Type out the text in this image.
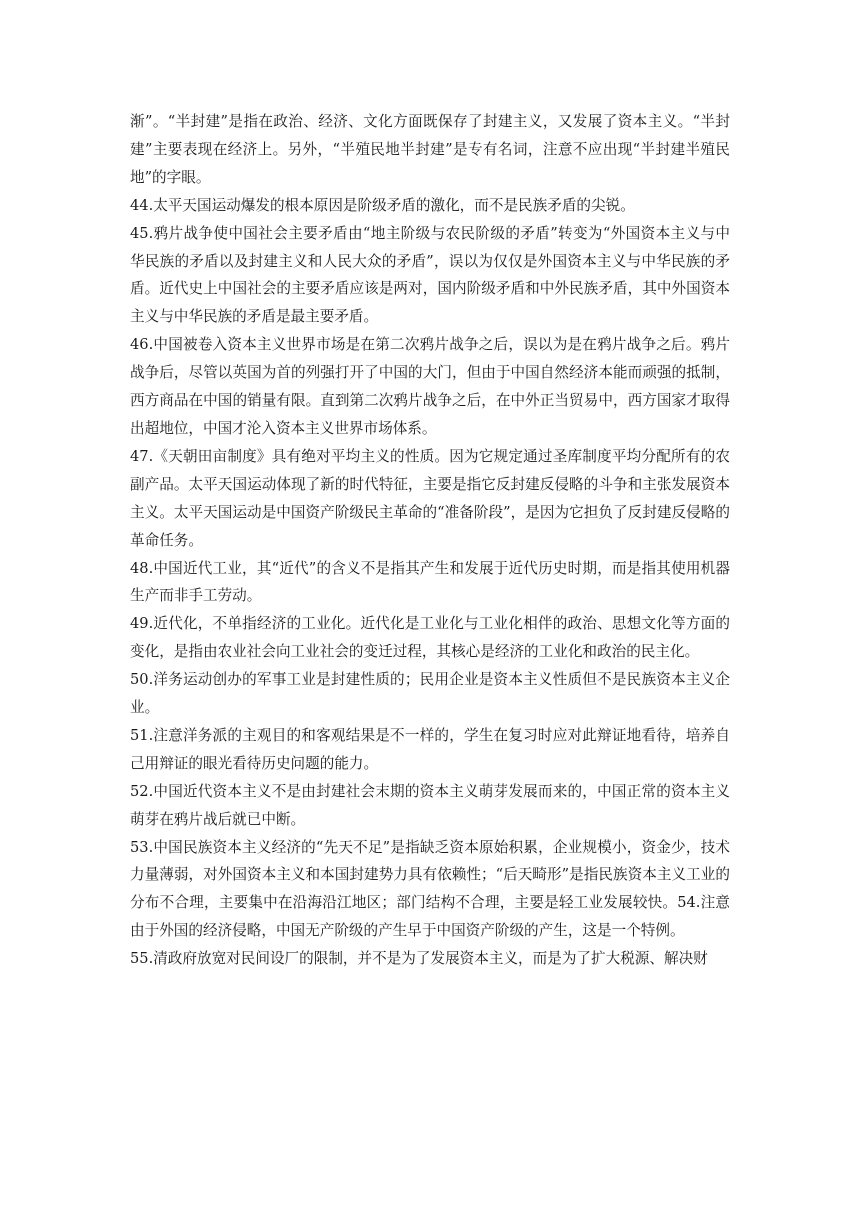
渐”。“半封建”是指在政治、经济、文化方面既保存了封建主义，又发展了资本主义。“半封建”主要表现在经济上。另外，“半殖民地半封建”是专有名词，注意不应出现“半封建半殖民地”的字眼。

44.太平天国运动爆发的根本原因是阶级矛盾的激化，而不是民族矛盾的尖锐。

45.鸦片战争使中国社会主要矛盾由“地主阶级与农民阶级的矛盾”转变为“外国资本主义与中华民族的矛盾以及封建主义和人民大众的矛盾”，误以为仅仅是外国资本主义与中华民族的矛盾。近代史上中国社会的主要矛盾应该是两对，国内阶级矛盾和中外民族矛盾，其中外国资本主义与中华民族的矛盾是最主要矛盾。

46.中国被卷入资本主义世界市场是在第二次鸦片战争之后，误以为是在鸦片战争之后。鸦片战争后，尽管以英国为首的列强打开了中国的大门，但由于中国自然经济本能而顽强的抵制，西方商品在中国的销量有限。直到第二次鸦片战争之后，在中外正当贸易中，西方国家才取得出超地位，中国才沦入资本主义世界市场体系。

47.《天朝田亩制度》具有绝对平均主义的性质。因为它规定通过圣库制度平均分配所有的农副产品。太平天国运动体现了新的时代特征，主要是指它反封建反侵略的斗争和主张发展资本主义。太平天国运动是中国资产阶级民主革命的“准备阶段”，是因为它担负了反封建反侵略的革命任务。

48.中国近代工业，其“近代”的含义不是指其产生和发展于近代历史时期，而是指其使用机器生产而非手工劳动。

49.近代化，不单指经济的工业化。近代化是工业化与工业化相伴的政治、思想文化等方面的变化，是指由农业社会向工业社会的变迁过程，其核心是经济的工业化和政治的民主化。

50.洋务运动创办的军事工业是封建性质的；民用企业是资本主义性质但不是民族资本主义企业。

51.注意洋务派的主观目的和客观结果是不一样的，学生在复习时应对此辩证地看待，培养自己用辩证的眼光看待历史问题的能力。

52.中国近代资本主义不是由封建社会末期的资本主义萌芽发展而来的，中国正常的资本主义萌芽在鸦片战后就已中断。

53.中国民族资本主义经济的“先天不足”是指缺乏资本原始积累，企业规模小，资金少，技术力量薄弱，对外国资本主义和本国封建势力具有依赖性；“后天畸形”是指民族资本主义工业的分布不合理，主要集中在沿海沿江地区；部门结构不合理，主要是轻工业发展较快。54.注意由于外国的经济侵略，中国无产阶级的产生早于中国资产阶级的产生，这是一个特例。

55.清政府放宽对民间设厂的限制，并不是为了发展资本主义，而是为了扩大税源、解决财
